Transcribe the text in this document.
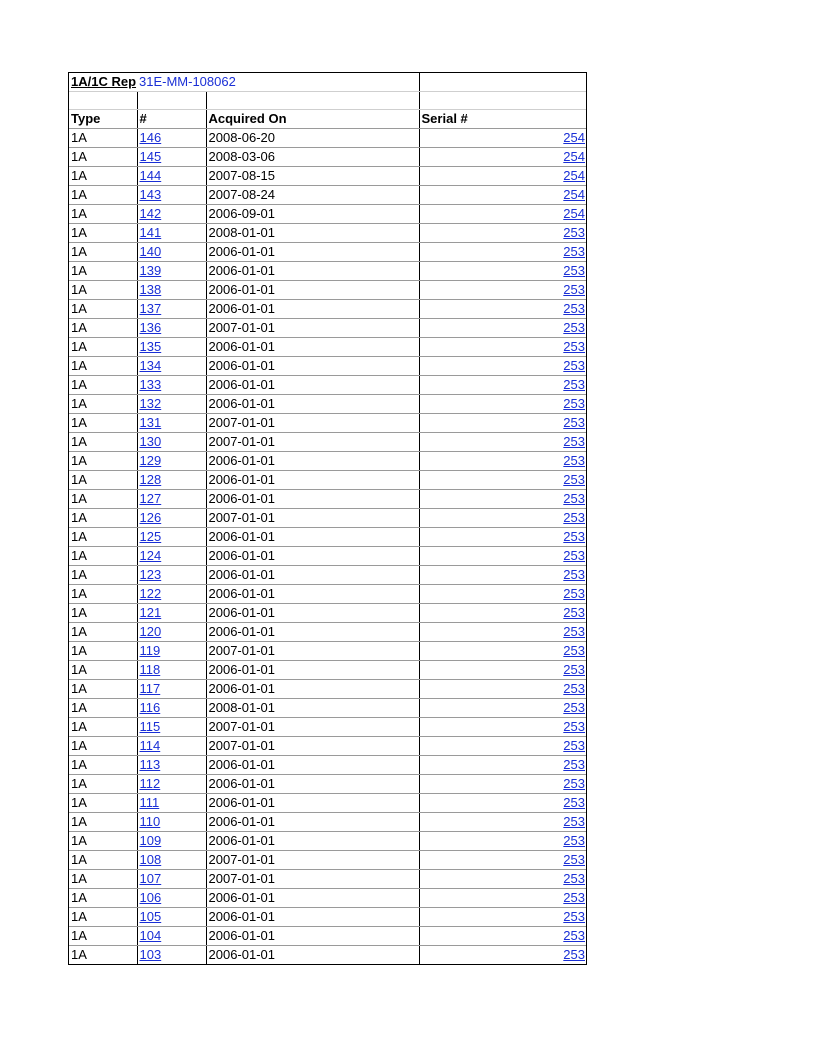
1A/1C Rep	31E-MM-108062		

Type	#	Acquired On	Serial #
1A	146	2008-06-20	254
1A	145	2008-03-06	254
1A	144	2007-08-15	254
1A	143	2007-08-24	254
1A	142	2006-09-01	254
1A	141	2008-01-01	253
1A	140	2006-01-01	253
1A	139	2006-01-01	253
1A	138	2006-01-01	253
1A	137	2006-01-01	253
1A	136	2007-01-01	253
1A	135	2006-01-01	253
1A	134	2006-01-01	253
1A	133	2006-01-01	253
1A	132	2006-01-01	253
1A	131	2007-01-01	253
1A	130	2007-01-01	253
1A	129	2006-01-01	253
1A	128	2006-01-01	253
1A	127	2006-01-01	253
1A	126	2007-01-01	253
1A	125	2006-01-01	253
1A	124	2006-01-01	253
1A	123	2006-01-01	253
1A	122	2006-01-01	253
1A	121	2006-01-01	253
1A	120	2006-01-01	253
1A	119	2007-01-01	253
1A	118	2006-01-01	253
1A	117	2006-01-01	253
1A	116	2008-01-01	253
1A	115	2007-01-01	253
1A	114	2007-01-01	253
1A	113	2006-01-01	253
1A	112	2006-01-01	253
1A	111	2006-01-01	253
1A	110	2006-01-01	253
1A	109	2006-01-01	253
1A	108	2007-01-01	253
1A	107	2007-01-01	253
1A	106	2006-01-01	253
1A	105	2006-01-01	253
1A	104	2006-01-01	253
1A	103	2006-01-01	253
